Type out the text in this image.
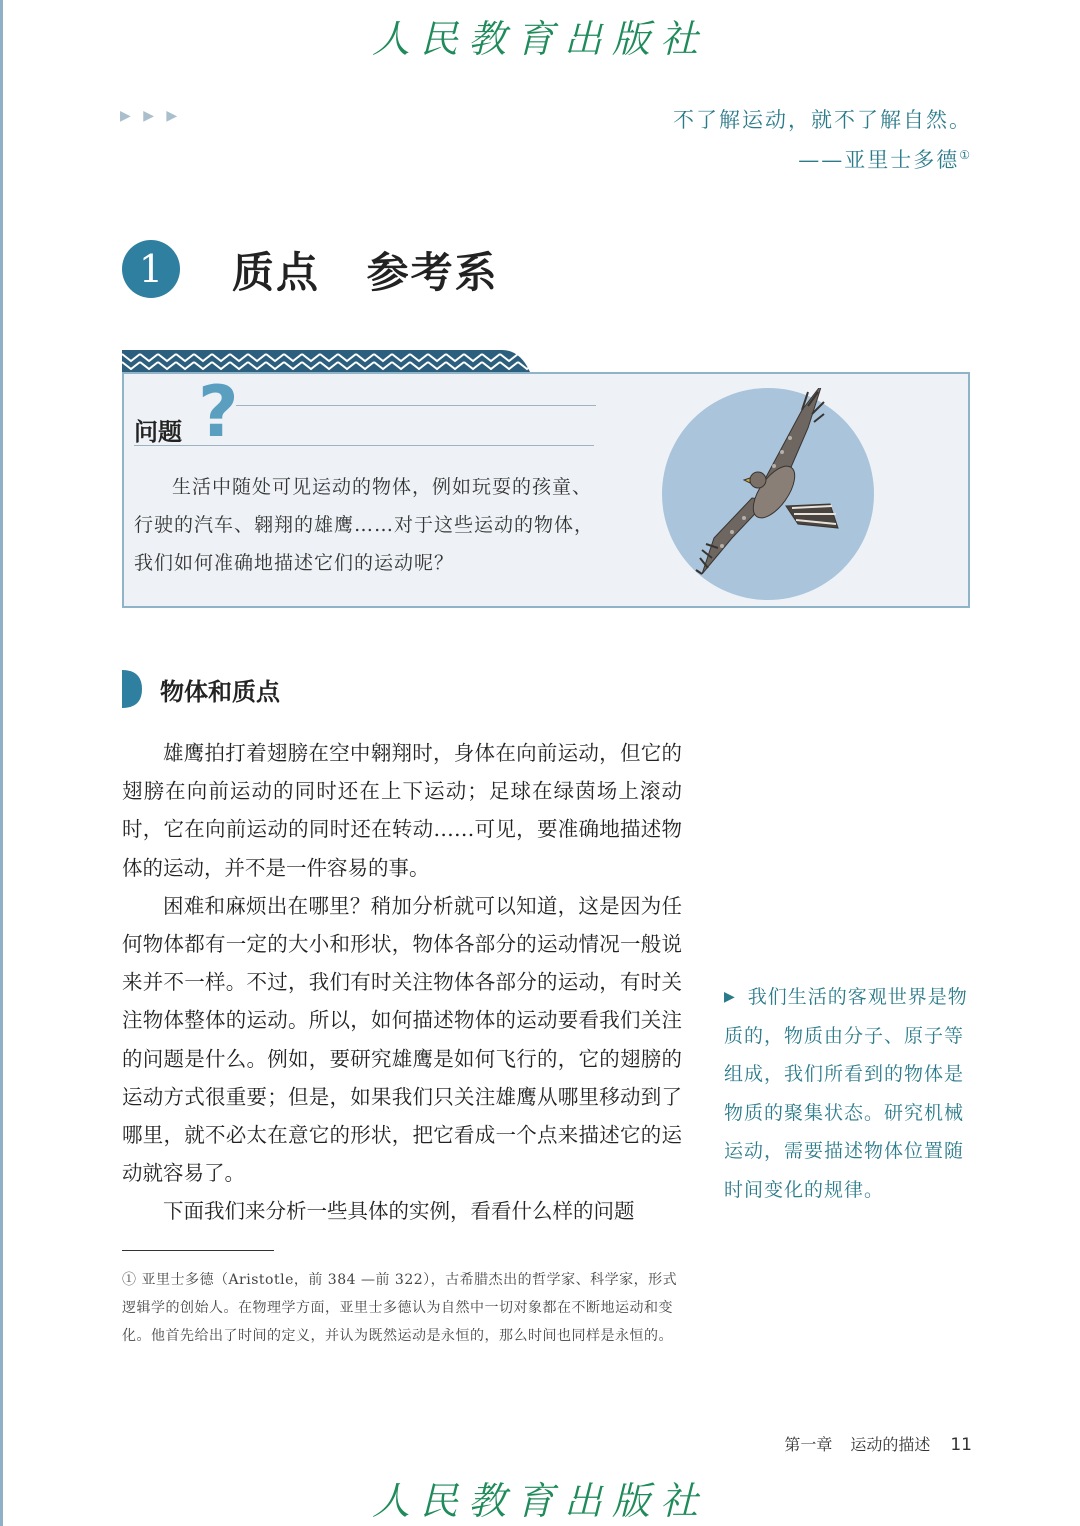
人民教育出版社
▶ ▶ ▶	不了解运动，就不了解自然。
——亚里士多德①
1	质点 参考系
问题 ?
生活中随处可见运动的物体，例如玩耍的孩童、行驶的汽车、翱翔的雄鹰……对于这些运动的物体，我们如何准确地描述它们的运动呢？
物体和质点

雄鹰拍打着翅膀在空中翱翔时，身体在向前运动，但它的翅膀在向前运动的同时还在上下运动；足球在绿茵场上滚动时，它在向前运动的同时还在转动……可见，要准确地描述物体的运动，并不是一件容易的事。

困难和麻烦出在哪里？稍加分析就可以知道，这是因为任何物体都有一定的大小和形状，物体各部分的运动情况一般说来并不一样。不过，我们有时关注物体各部分的运动，有时关注物体整体的运动。所以，如何描述物体的运动要看我们关注的问题是什么。例如，要研究雄鹰是如何飞行的，它的翅膀的运动方式很重要；但是，如果我们只关注雄鹰从哪里移动到了哪里，就不必太在意它的形状，把它看成一个点来描述它的运动就容易了。

下面我们来分析一些具体的实例，看看什么样的问题

▶ 我们生活的客观世界是物质的，物质由分子、原子等组成，我们所看到的物体是物质的聚集状态。研究机械运动，需要描述物体位置随时间变化的规律。
① 亚里士多德（Aristotle，前 384 —前 322），古希腊杰出的哲学家、科学家，形式逻辑学的创始人。在物理学方面，亚里士多德认为自然中一切对象都在不断地运动和变化。他首先给出了时间的定义，并认为既然运动是永恒的，那么时间也同样是永恒的。
第一章 运动的描述 11
人民教育出版社
